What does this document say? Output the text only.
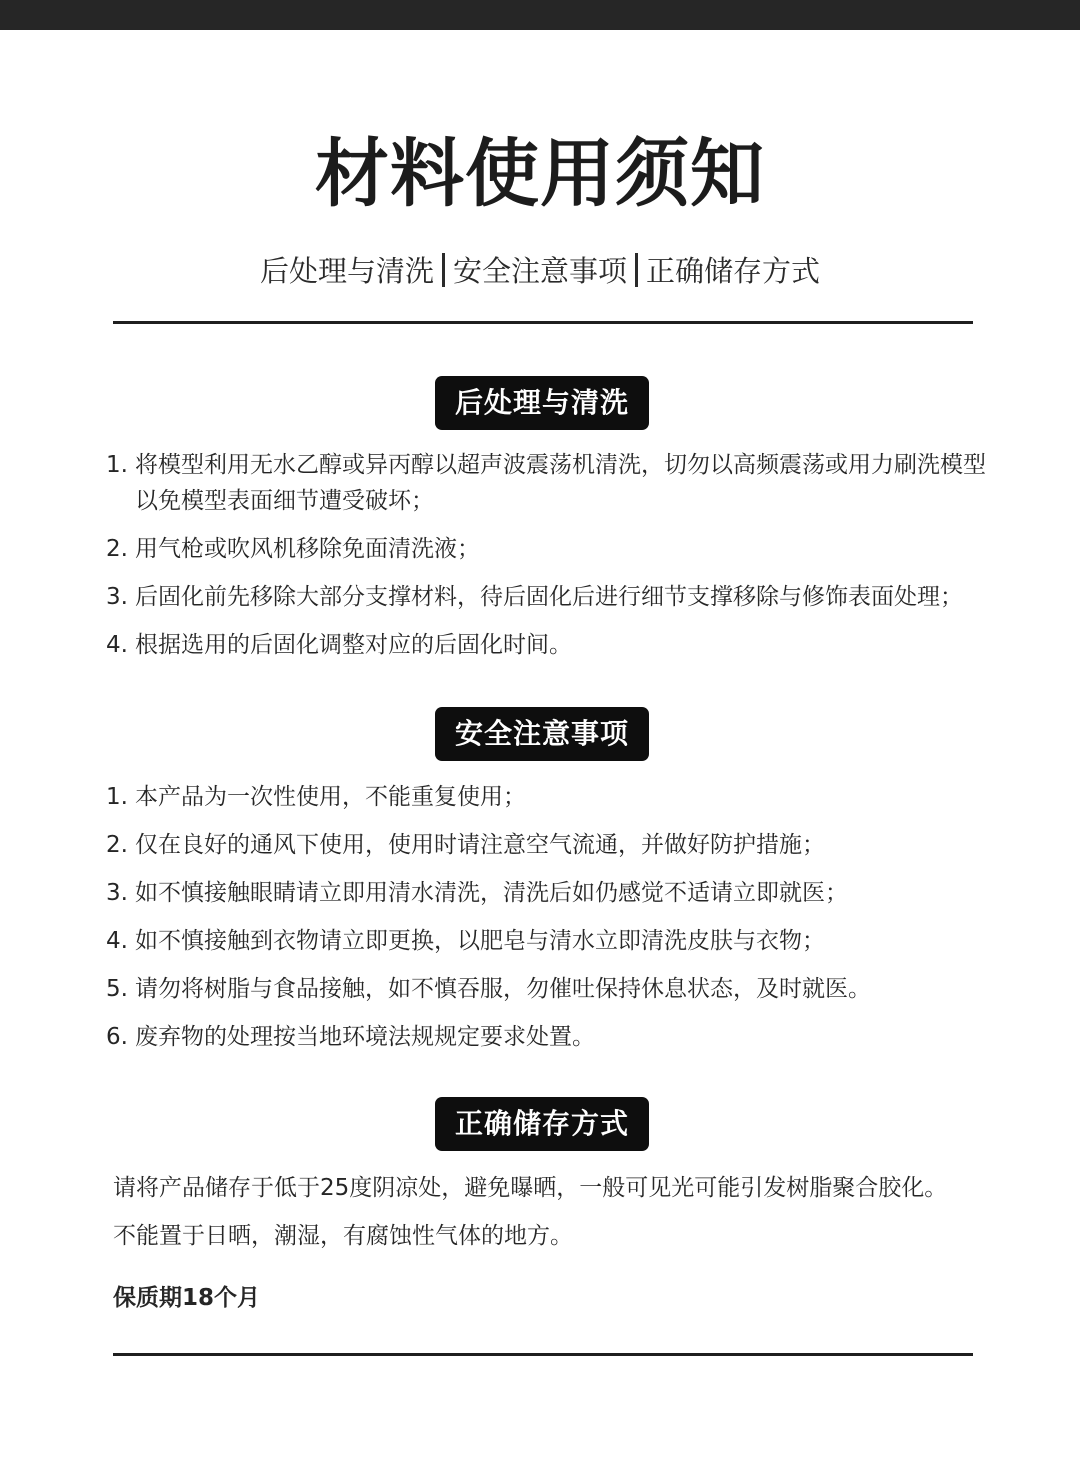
材料使用须知
后处理与清洗 安全注意事项 正确储存方式
后处理与清洗
1. 将模型利用无水乙醇或异丙醇以超声波震荡机清洗，切勿以高频震荡或用力刷洗模型以免模型表面细节遭受破坏；
2. 用气枪或吹风机移除免面清洗液；
3. 后固化前先移除大部分支撑材料，待后固化后进行细节支撑移除与修饰表面处理；
4. 根据选用的后固化调整对应的后固化时间。
安全注意事项
1. 本产品为一次性使用，不能重复使用；
2. 仅在良好的通风下使用，使用时请注意空气流通，并做好防护措施；
3. 如不慎接触眼睛请立即用清水清洗，清洗后如仍感觉不适请立即就医；
4. 如不慎接触到衣物请立即更换，以肥皂与清水立即清洗皮肤与衣物；
5. 请勿将树脂与食品接触，如不慎吞服，勿催吐保持休息状态，及时就医。
6. 废弃物的处理按当地环境法规规定要求处置。
正确储存方式

请将产品储存于低于25度阴凉处，避免曝晒，一般可见光可能引发树脂聚合胶化。

不能置于日晒，潮湿，有腐蚀性气体的地方。

保质期18个月
